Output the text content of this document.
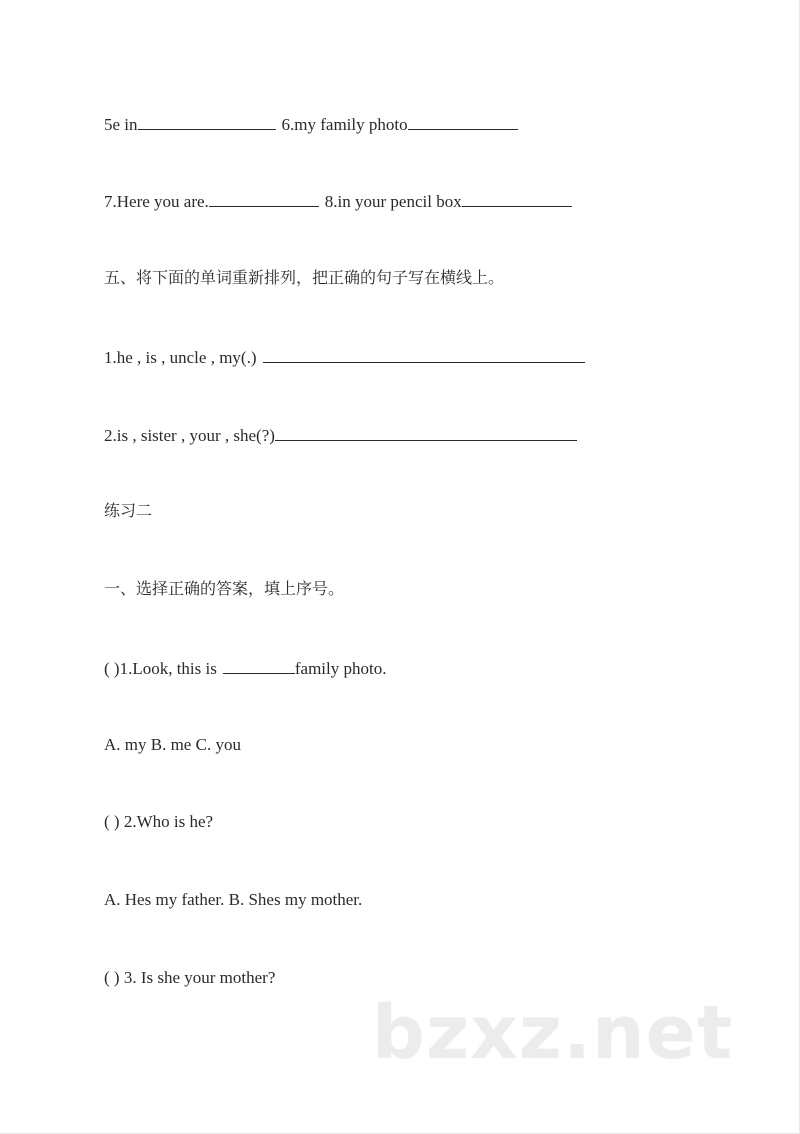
5e in	6.my family photo
7.Here you are.	8.in your pencil box
五、将下面的单词重新排列，把正确的句子写在横线上。
1.he , is , uncle , my(.)
2.is , sister , your , she(?)
练习二
一、选择正确的答案，填上序号。
( )1.Look, this is	family photo.
A. my B. me C. you
( ) 2.Who is he?
A. Hes my father. B. Shes my mother.
( ) 3. Is she your mother?
bzxz.net
